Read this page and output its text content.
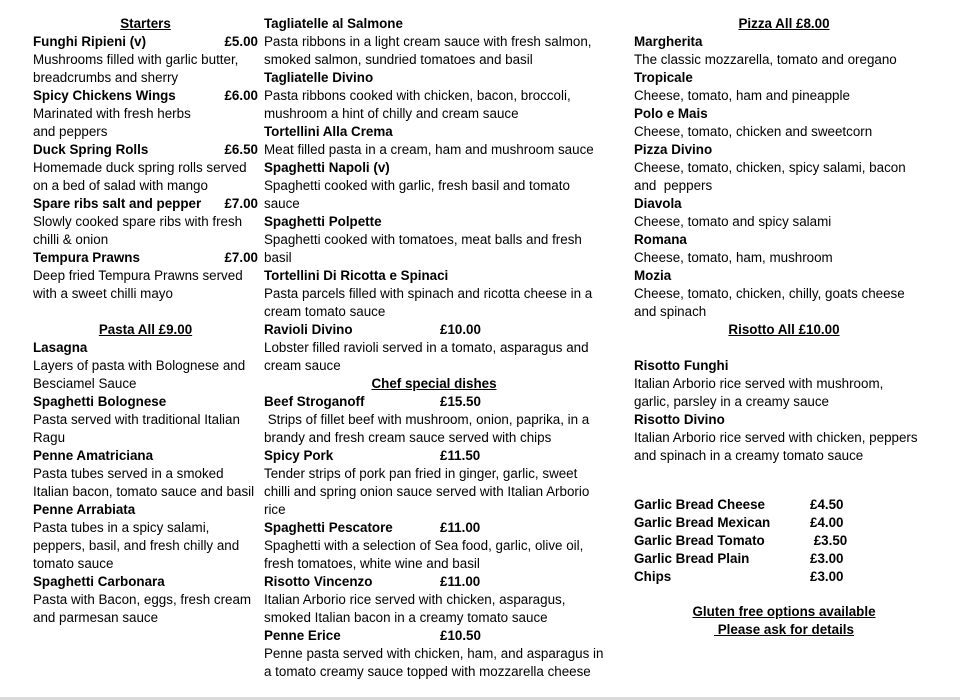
Starters
Funghi Ripieni (v)	£5.00
Mushrooms filled with garlic butter,
breadcrumbs and sherry
Spicy Chickens Wings	£6.00
Marinated with fresh herbs
and peppers
Duck Spring Rolls	£6.50
Homemade duck spring rolls served
on a bed of salad with mango
Spare ribs salt and pepper £7.00
Slowly cooked spare ribs with fresh
chilli & onion
Tempura Prawns	£7.00
Deep fried Tempura Prawns served
with a sweet chilli mayo
Pasta All £9.00
Lasagna
Layers of pasta with Bolognese and
Besciamel Sauce
Spaghetti Bolognese
Pasta served with traditional Italian
Ragu
Penne Amatriciana
Pasta tubes served in a smoked
Italian bacon, tomato sauce and basil
Penne Arrabiata
Pasta tubes in a spicy salami,
peppers, basil, and fresh chilly and
tomato sauce
Spaghetti Carbonara
Pasta with Bacon, eggs, fresh cream
and parmesan sauce
Tagliatelle al Salmone
Pasta ribbons in a light cream sauce with fresh salmon,
smoked salmon, sundried tomatoes and basil
Tagliatelle Divino
Pasta ribbons cooked with chicken, bacon, broccoli,
mushroom a hint of chilly and cream sauce
Tortellini Alla Crema
Meat filled pasta in a cream, ham and mushroom sauce
Spaghetti Napoli (v)
Spaghetti cooked with garlic, fresh basil and tomato
sauce
Spaghetti Polpette
Spaghetti cooked with tomatoes, meat balls and fresh
basil
Tortellini Di Ricotta e Spinaci
Pasta parcels filled with spinach and ricotta cheese in a
cream tomato sauce
Ravioli Divino	£10.00
Lobster filled ravioli served in a tomato, asparagus and
cream sauce
Chef special dishes
Beef Stroganoff	£15.50
Strips of fillet beef with mushroom, onion, paprika, in a
brandy and fresh cream sauce served with chips
Spicy Pork	£11.50
Tender strips of pork pan fried in ginger, garlic, sweet
chilli and spring onion sauce served with Italian Arborio
rice
Spaghetti Pescatore	£11.00
Spaghetti with a selection of Sea food, garlic, olive oil,
fresh tomatoes, white wine and basil
Risotto Vincenzo	£11.00
Italian Arborio rice served with chicken, asparagus,
smoked Italian bacon in a creamy tomato sauce
Penne Erice	£10.50
Penne pasta served with chicken, ham, and asparagus in
a tomato creamy sauce topped with mozzarella cheese
Pizza All £8.00
Margherita
The classic mozzarella, tomato and oregano
Tropicale
Cheese, tomato, ham and pineapple
Polo e Mais
Cheese, tomato, chicken and sweetcorn
Pizza Divino
Cheese, tomato, chicken, spicy salami, bacon
and  peppers
Diavola
Cheese, tomato and spicy salami
Romana
Cheese, tomato, ham, mushroom
Mozia
Cheese, tomato, chicken, chilly, goats cheese
and spinach
Risotto All £10.00
Risotto Funghi
Italian Arborio rice served with mushroom,
garlic, parsley in a creamy sauce
Risotto Divino
Italian Arborio rice served with chicken, peppers
and spinach in a creamy tomato sauce
Garlic Bread Cheese	£4.50
Garlic Bread Mexican	£4.00
Garlic Bread Tomato	£3.50
Garlic Bread Plain	£3.00
Chips	£3.00
Gluten free options available
Please ask for details
